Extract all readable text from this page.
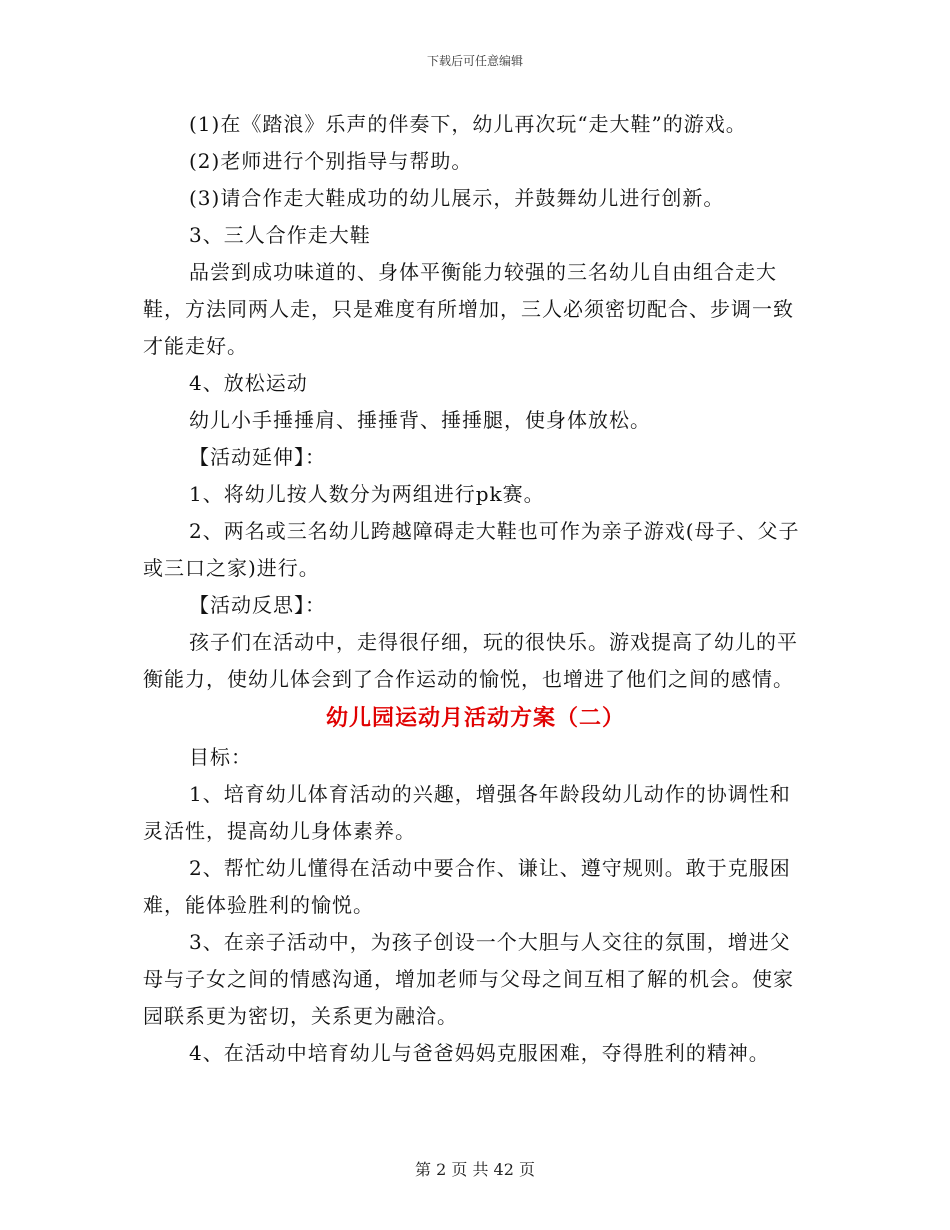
下载后可任意编辑

(1)在《踏浪》乐声的伴奏下，幼儿再次玩“走大鞋”的游戏。

(2)老师进行个别指导与帮助。

(3)请合作走大鞋成功的幼儿展示，并鼓舞幼儿进行创新。

3、三人合作走大鞋

品尝到成功味道的、身体平衡能力较强的三名幼儿自由组合走大鞋，方法同两人走，只是难度有所增加，三人必须密切配合、步调一致才能走好。

4、放松运动

幼儿小手捶捶肩、捶捶背、捶捶腿，使身体放松。

【活动延伸】：

1、将幼儿按人数分为两组进行pk赛。

2、两名或三名幼儿跨越障碍走大鞋也可作为亲子游戏(母子、父子或三口之家)进行。

【活动反思】：

孩子们在活动中，走得很仔细，玩的很快乐。游戏提高了幼儿的平衡能力，使幼儿体会到了合作运动的愉悦，也增进了他们之间的感情。

幼儿园运动月活动方案（二）

目标：

1、培育幼儿体育活动的兴趣，增强各年龄段幼儿动作的协调性和灵活性，提高幼儿身体素养。

2、帮忙幼儿懂得在活动中要合作、谦让、遵守规则。敢于克服困难，能体验胜利的愉悦。

3、在亲子活动中，为孩子创设一个大胆与人交往的氛围，增进父母与子女之间的情感沟通，增加老师与父母之间互相了解的机会。使家园联系更为密切，关系更为融洽。

4、在活动中培育幼儿与爸爸妈妈克服困难，夺得胜利的精神。

第 2 页 共 42 页
